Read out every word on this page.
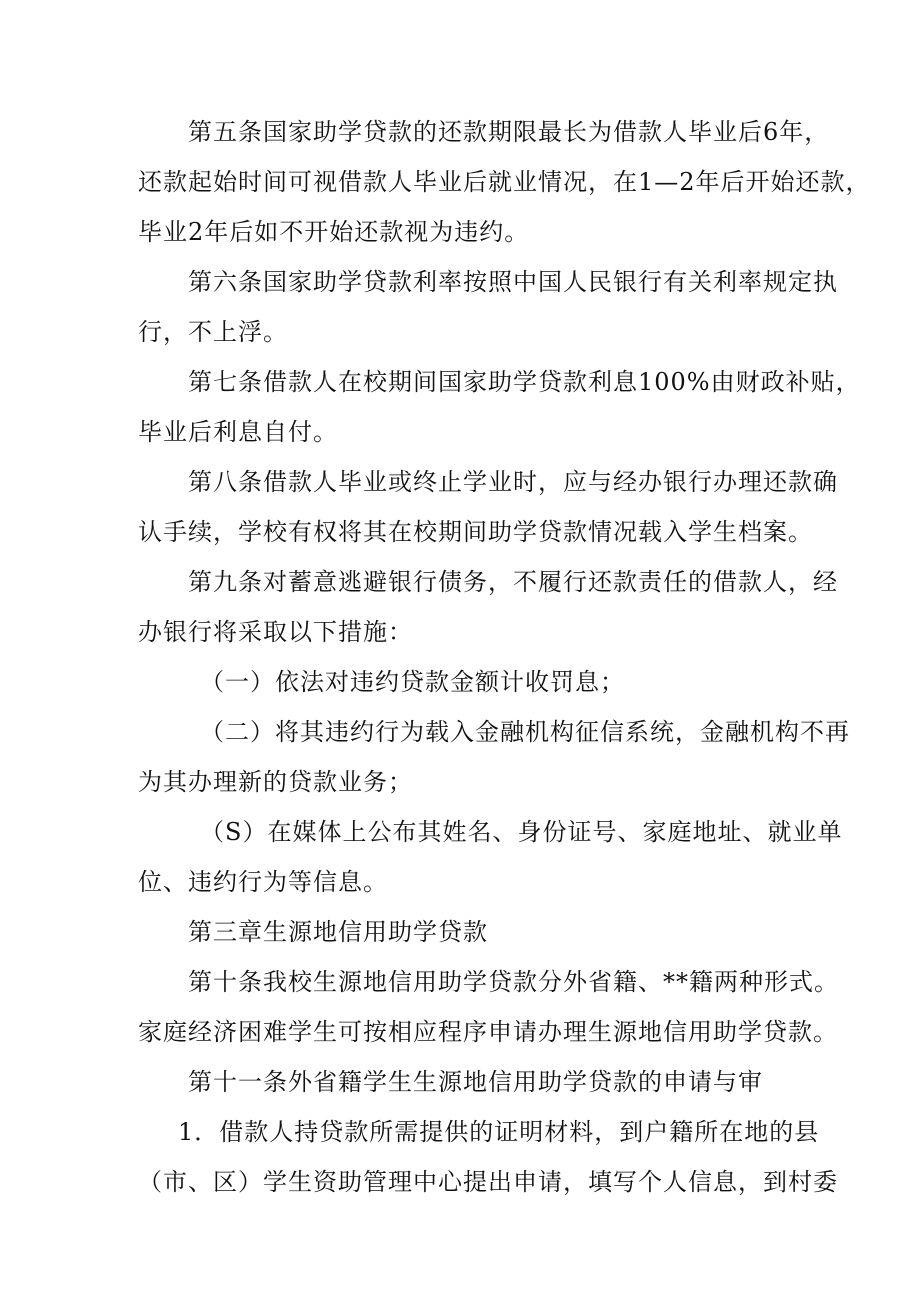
第五条国家助学贷款的还款期限最长为借款人毕业后6年，
还款起始时间可视借款人毕业后就业情况，在1—2年后开始还款，
毕业2年后如不开始还款视为违约。
第六条国家助学贷款利率按照中国人民银行有关利率规定执
行，不上浮。
第七条借款人在校期间国家助学贷款利息100%由财政补贴，
毕业后利息自付。
第八条借款人毕业或终止学业时，应与经办银行办理还款确
认手续，学校有权将其在校期间助学贷款情况载入学生档案。
第九条对蓄意逃避银行债务，不履行还款责任的借款人，经
办银行将采取以下措施：
（一）依法对违约贷款金额计收罚息；
（二）将其违约行为载入金融机构征信系统，金融机构不再
为其办理新的贷款业务；
（S）在媒体上公布其姓名、身份证号、家庭地址、就业单
位、违约行为等信息。
第三章生源地信用助学贷款
第十条我校生源地信用助学贷款分外省籍、**籍两种形式。
家庭经济困难学生可按相应程序申请办理生源地信用助学贷款。
第十一条外省籍学生生源地信用助学贷款的申请与审
1．借款人持贷款所需提供的证明材料，到户籍所在地的县
（市、区）学生资助管理中心提出申请，填写个人信息，到村委
